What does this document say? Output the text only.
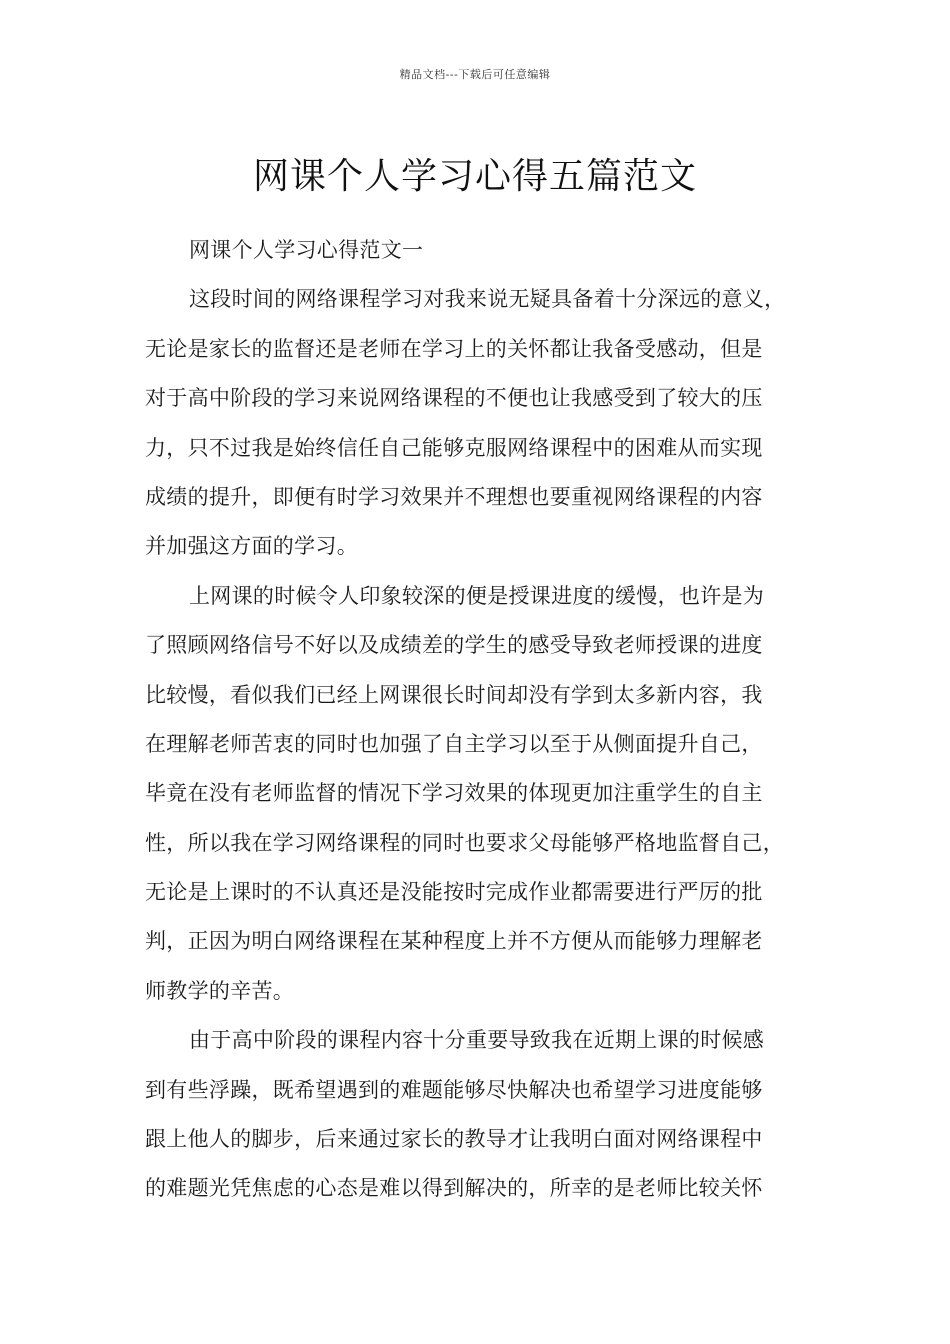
精品文档---下载后可任意编辑
网课个人学习心得五篇范文
网课个人学习心得范文一
这段时间的网络课程学习对我来说无疑具备着十分深远的意义，
无论是家长的监督还是老师在学习上的关怀都让我备受感动，但是
对于高中阶段的学习来说网络课程的不便也让我感受到了较大的压
力，只不过我是始终信任自己能够克服网络课程中的困难从而实现
成绩的提升，即便有时学习效果并不理想也要重视网络课程的内容
并加强这方面的学习。
上网课的时候令人印象较深的便是授课进度的缓慢，也许是为
了照顾网络信号不好以及成绩差的学生的感受导致老师授课的进度
比较慢，看似我们已经上网课很长时间却没有学到太多新内容，我
在理解老师苦衷的同时也加强了自主学习以至于从侧面提升自己，
毕竟在没有老师监督的情况下学习效果的体现更加注重学生的自主
性，所以我在学习网络课程的同时也要求父母能够严格地监督自己，
无论是上课时的不认真还是没能按时完成作业都需要进行严厉的批
判，正因为明白网络课程在某种程度上并不方便从而能够力理解老
师教学的辛苦。
由于高中阶段的课程内容十分重要导致我在近期上课的时候感
到有些浮躁，既希望遇到的难题能够尽快解决也希望学习进度能够
跟上他人的脚步，后来通过家长的教导才让我明白面对网络课程中
的难题光凭焦虑的心态是难以得到解决的，所幸的是老师比较关怀
